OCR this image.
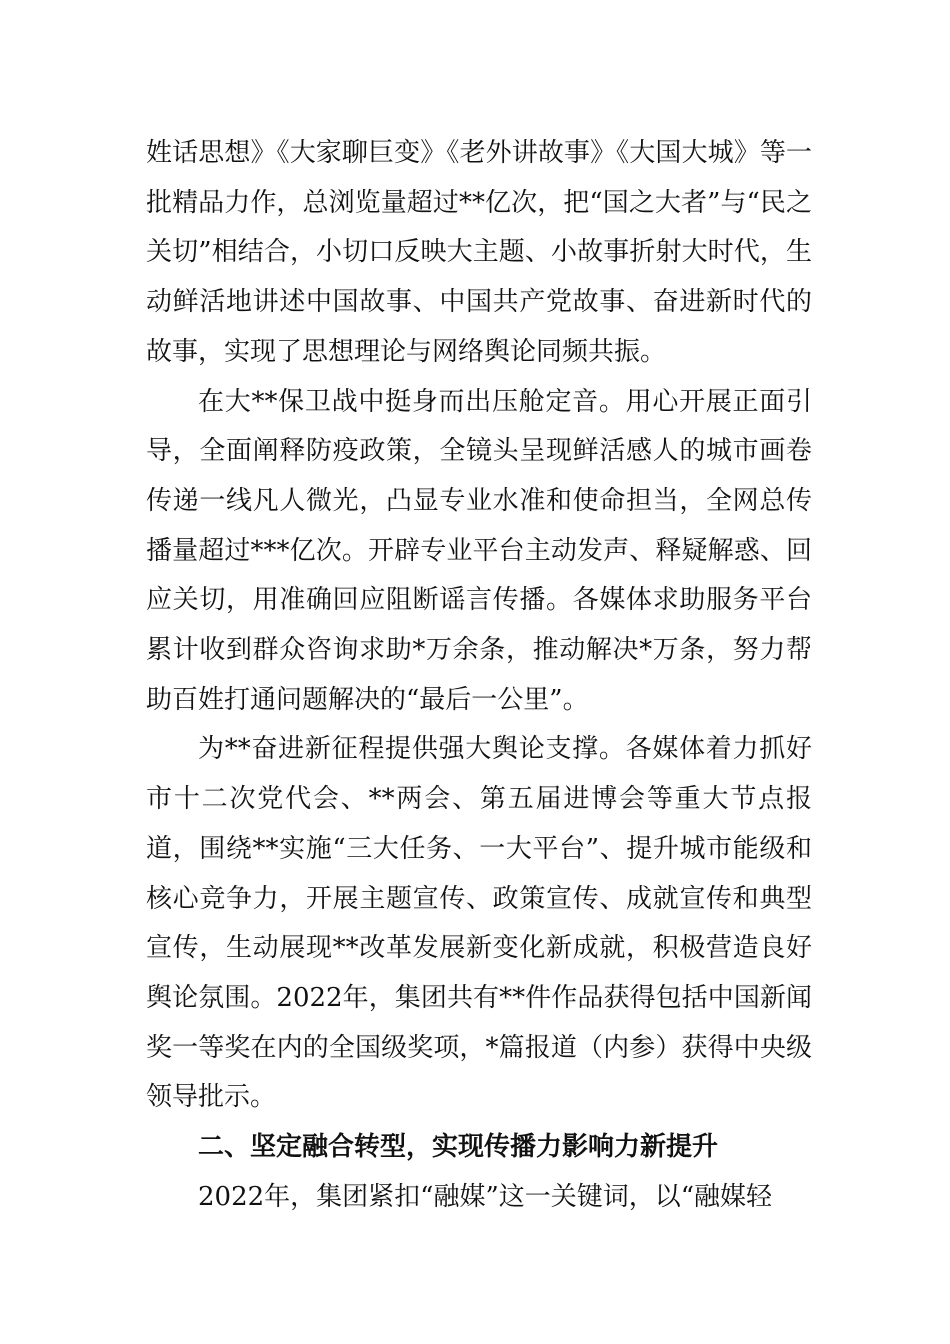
姓话思想》《大家聊巨变》《老外讲故事》《大国大城》等一批精品力作，总浏览量超过**亿次，把“国之大者”与“民之关切”相结合，小切口反映大主题、小故事折射大时代，生动鲜活地讲述中国故事、中国共产党故事、奋进新时代的故事，实现了思想理论与网络舆论同频共振。

在大**保卫战中挺身而出压舱定音。用心开展正面引导，全面阐释防疫政策，全镜头呈现鲜活感人的城市画卷传递一线凡人微光，凸显专业水准和使命担当，全网总传播量超过***亿次。开辟专业平台主动发声、释疑解惑、回应关切，用准确回应阻断谣言传播。各媒体求助服务平台累计收到群众咨询求助*万余条，推动解决*万条，努力帮助百姓打通问题解决的“最后一公里”。

为**奋进新征程提供强大舆论支撑。各媒体着力抓好市十二次党代会、**两会、第五届进博会等重大节点报道，围绕**实施“三大任务、一大平台”、提升城市能级和核心竞争力，开展主题宣传、政策宣传、成就宣传和典型宣传，生动展现**改革发展新变化新成就，积极营造良好舆论氛围。2022年，集团共有**件作品获得包括中国新闻奖一等奖在内的全国级奖项，*篇报道（内参）获得中央级领导批示。

二、坚定融合转型，实现传播力影响力新提升

2022年，集团紧扣“融媒”这一关键词，以“融媒轻
